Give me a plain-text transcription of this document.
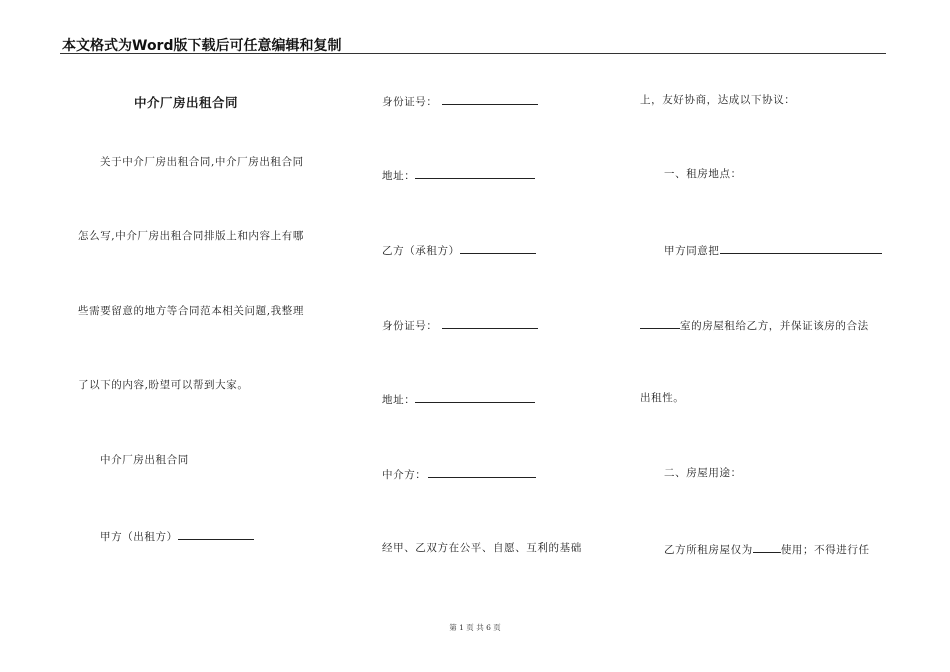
本文格式为Word版下载后可任意编辑和复制
中介厂房出租合同
关于中介厂房出租合同,中介厂房出租合同
怎么写,中介厂房出租合同排版上和内容上有哪
些需要留意的地方等合同范本相关问题,我整理
了以下的内容,盼望可以帮到大家。
中介厂房出租合同
甲方（出租方）
身份证号：
地址：
乙方（承租方）
身份证号：
地址：
中介方：
经甲、乙双方在公平、自愿、互利的基础
上，友好协商，达成以下协议：
一、租房地点：
甲方同意把
室的房屋租给乙方，并保证该房的合法
出租性。
二、房屋用途：
乙方所租房屋仅为	使用；不得进行任
第 1 页 共 6 页
